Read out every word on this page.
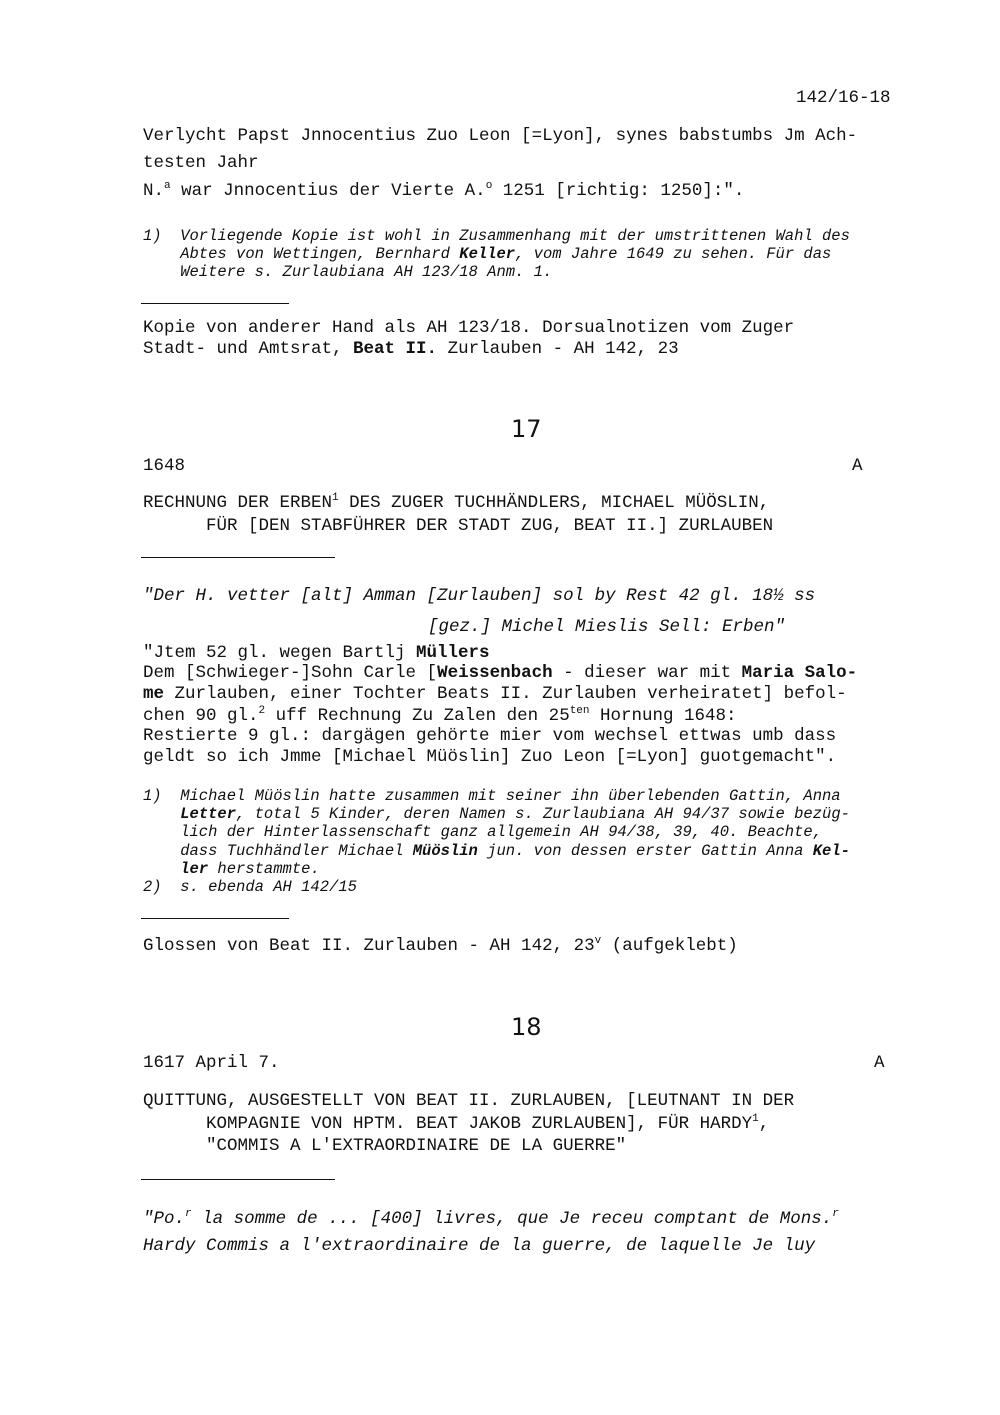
142/16-18
Verlycht Papst Jnnocentius Zuo Leon [=Lyon], synes babstumbs Jm Ach-
testen Jahr
N.$^a$ war Jnnocentius der Vierte A.$^o$ 1251 [richtig: 1250]:".
1)  Vorliegende Kopie ist wohl in Zusammenhang mit der umstrittenen Wahl des
Abtes von Wettingen, Bernhard Keller, vom Jahre 1649 zu sehen. Für das
Weitere s. Zurlaubiana AH 123/18 Anm. 1.
Kopie von anderer Hand als AH 123/18. Dorsualnotizen vom Zuger
Stadt- und Amtsrat, Beat II. Zurlauben - AH 142, 23
17
1648	A
RECHNUNG DER ERBEN$^1$ DES ZUGER TUCHHÄNDLERS, MICHAEL MÜÖSLIN,
FÜR [DEN STABFÜHRER DER STADT ZUG, BEAT II.] ZURLAUBEN
"Der H. vetter [alt] Amman [Zurlauben] sol by Rest 42 gl. 18½ ss
[gez.] Michel Mieslis Sell: Erben"
"Jtem 52 gl. wegen Bartlj Müllers
Dem [Schwieger-]Sohn Carle [Weissenbach - dieser war mit Maria Salo-
me Zurlauben, einer Tochter Beats II. Zurlauben verheiratet] befol-
chen 90 gl.$^2$ uff Rechnung Zu Zalen den $25^{ten}$ Hornung 1648:
Restierte 9 gl.: dargägen gehörte mier vom wechsel ettwas umb dass
geldt so ich Jmme [Michael Müöslin] Zuo Leon [=Lyon] guotgemacht".
1)  Michael Müöslin hatte zusammen mit seiner ihn überlebenden Gattin, Anna
Letter, total 5 Kinder, deren Namen s. Zurlaubiana AH 94/37 sowie bezüg-
lich der Hinterlassenschaft ganz allgemein AH 94/38, 39, 40. Beachte,
dass Tuchhändler Michael Müöslin jun. von dessen erster Gattin Anna Kel-
ler herstammte.
2)  s. ebenda AH 142/15
Glossen von Beat II. Zurlauben - AH 142, 23$^v$ (aufgeklebt)
18
1617 April 7.	A
QUITTUNG, AUSGESTELLT VON BEAT II. ZURLAUBEN, [LEUTNANT IN DER
KOMPAGNIE VON HPTM. BEAT JAKOB ZURLAUBEN], FÜR HARDY$^1$,
"COMMIS A L'EXTRAORDINAIRE DE LA GUERRE"
"Po.$^r$ la somme de ... [400] livres, que Je receu comptant de Mons.$^r$
Hardy Commis a l'extraordinaire de la guerre, de laquelle Je luy
